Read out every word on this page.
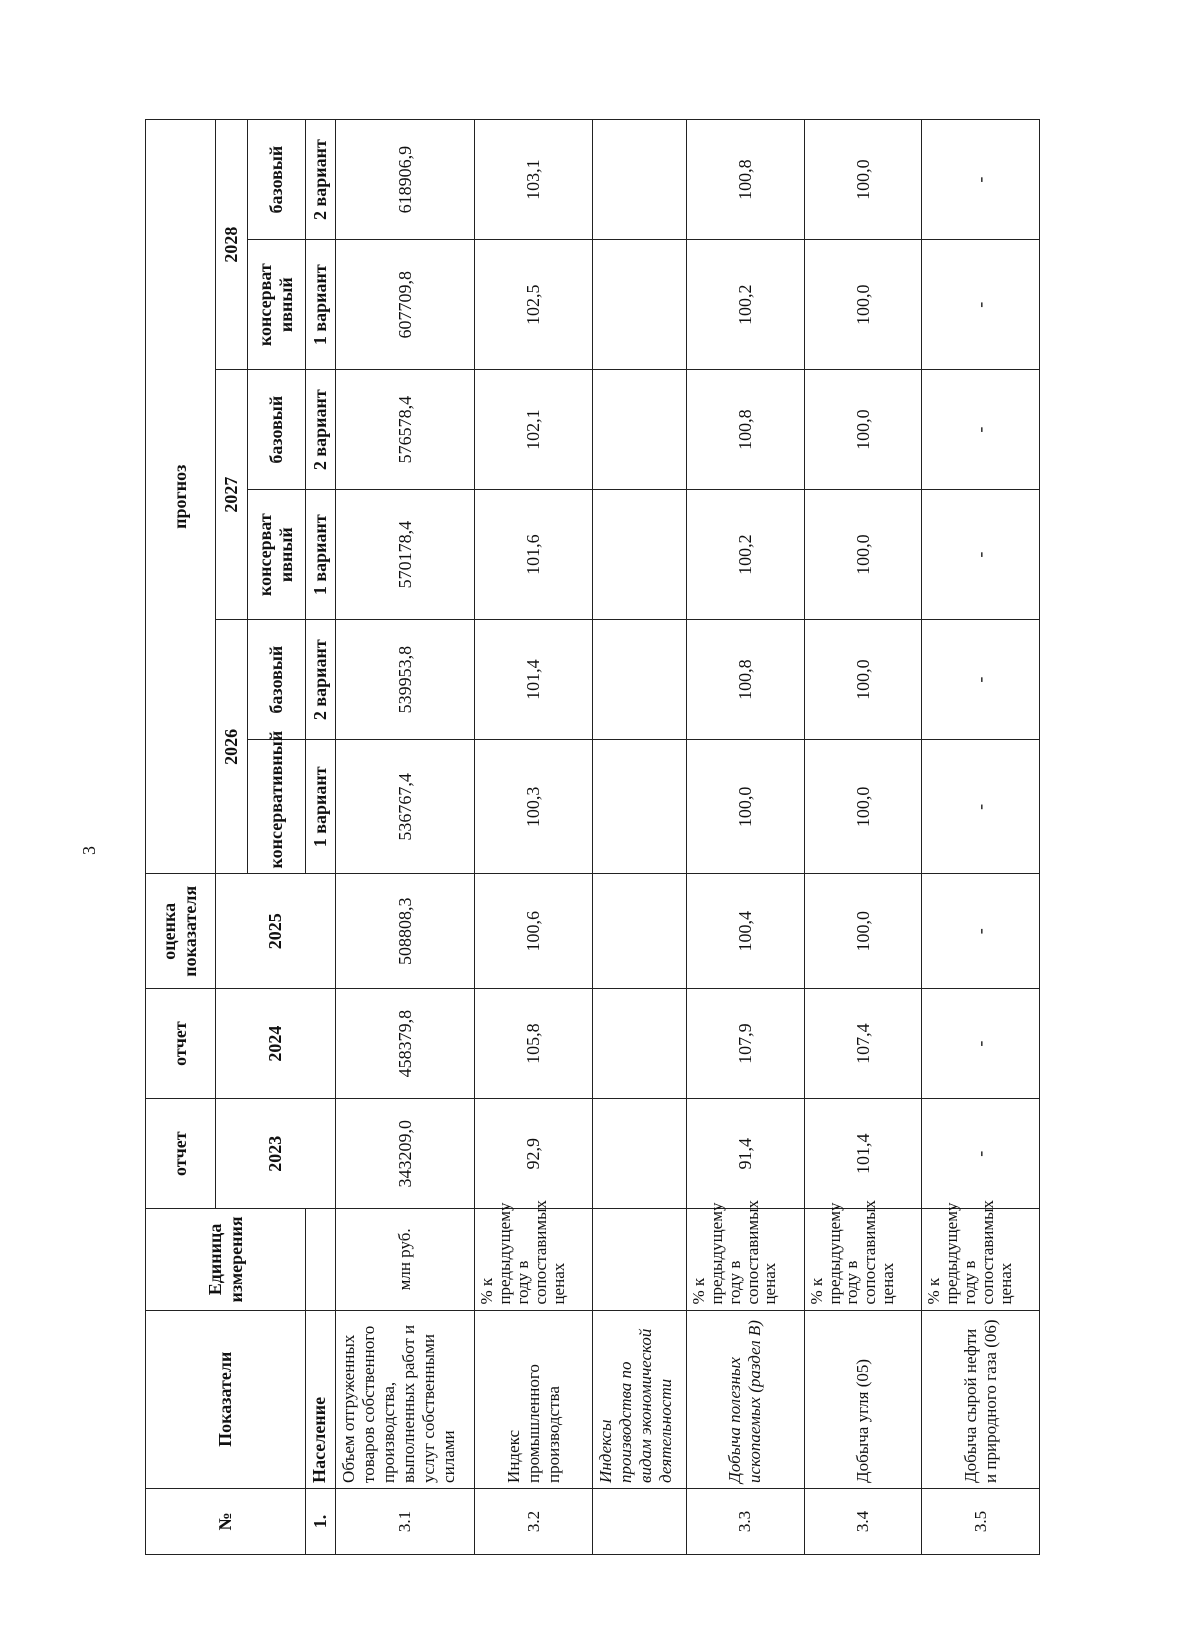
3
№	Показатели	Единица измерения	отчет	отчет	оценка показателя	прогноз					
			2023	2024	2025	2026		2027		2028	
						консервативный	базовый	консерват ивный	базовый	консерват ивный	базовый
1.	Население					1 вариант	2 вариант	1 вариант	2 вариант	1 вариант	2 вариант
3.1	Объем отгруженных товаров собственного производства, выполненных работ и услуг собственными силами	млн руб.	343209,0	458379,8	508808,3	536767,4	539953,8	570178,4	576578,4	607709,8	618906,9
3.2	Индекс промышленного производства	% к предыдущему году в сопоставимых ценах	92,9	105,8	100,6	100,3	101,4	101,6	102,1	102,5	103,1
	Индексы производства по видам экономической деятельности										
3.3	Добыча полезных ископаемых (раздел B)	% к предыдущему году в сопоставимых ценах	91,4	107,9	100,4	100,0	100,8	100,2	100,8	100,2	100,8
3.4	Добыча угля (05)	% к предыдущему году в сопоставимых ценах	101,4	107,4	100,0	100,0	100,0	100,0	100,0	100,0	100,0
3.5	Добыча сырой нефти и природного газа (06)	% к предыдущему году в сопоставимых ценах	-	-	-	-	-	-	-	-	-
